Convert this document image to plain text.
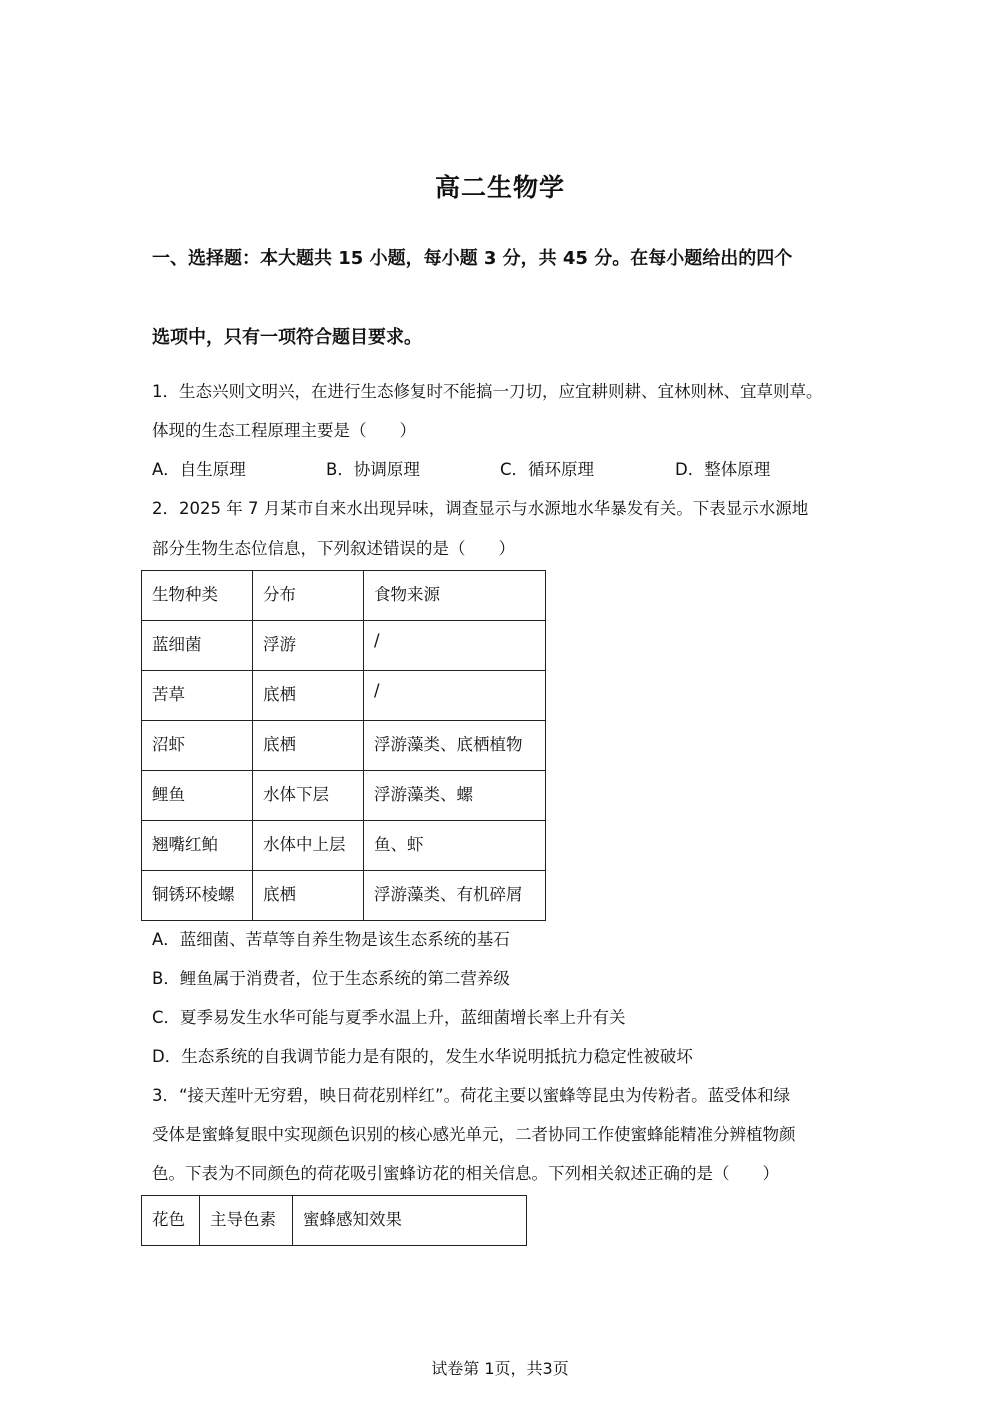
高二生物学
一、选择题：本大题共 15 小题，每小题 3 分，共 45 分。在每小题给出的四个
选项中，只有一项符合题目要求。
1．生态兴则文明兴，在进行生态修复时不能搞一刀切，应宜耕则耕、宜林则林、宜草则草。
体现的生态工程原理主要是（　　）
A．自生原理	B．协调原理	C．循环原理	D．整体原理
2．2025 年 7 月某市自来水出现异味，调查显示与水源地水华暴发有关。下表显示水源地
部分生物生态位信息，下列叙述错误的是（　　）
生物种类	分布	食物来源
蓝细菌	浮游	/
苦草	底栖	/
沼虾	底栖	浮游藻类、底栖植物
鲤鱼	水体下层	浮游藻类、螺
翘嘴红鲌	水体中上层	鱼、虾
铜锈环棱螺	底栖	浮游藻类、有机碎屑
A．蓝细菌、苦草等自养生物是该生态系统的基石
B．鲤鱼属于消费者，位于生态系统的第二营养级
C．夏季易发生水华可能与夏季水温上升，蓝细菌增长率上升有关
D．生态系统的自我调节能力是有限的，发生水华说明抵抗力稳定性被破坏
3．“接天莲叶无穷碧，映日荷花别样红”。荷花主要以蜜蜂等昆虫为传粉者。蓝受体和绿
受体是蜜蜂复眼中实现颜色识别的核心感光单元，二者协同工作使蜜蜂能精准分辨植物颜
色。下表为不同颜色的荷花吸引蜜蜂访花的相关信息。下列相关叙述正确的是（　　）
花色	主导色素	蜜蜂感知效果
试卷第 1页，共3页
